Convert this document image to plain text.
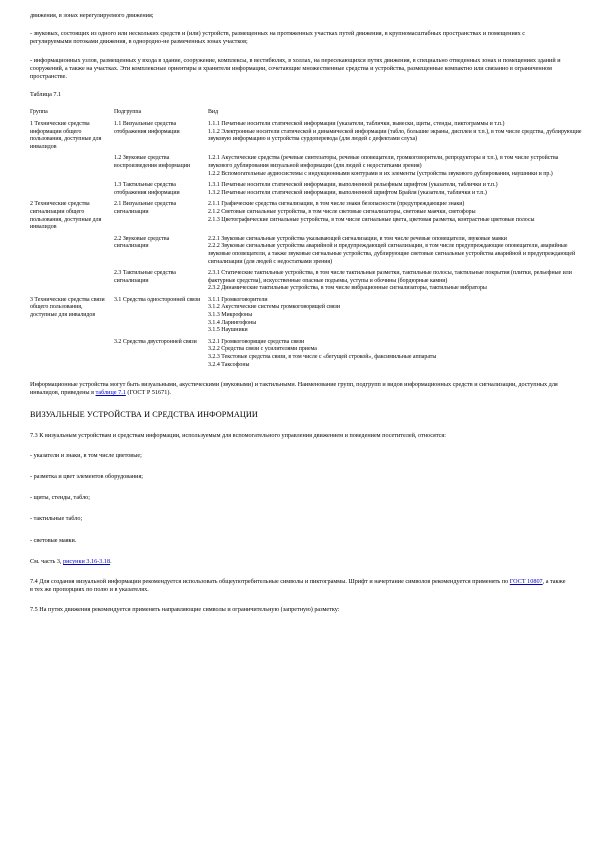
движения, в зонах нерегулируемого движения;

- звуковых, состоящих из одного или нескольких средств и (или) устройств, размещенных на протяженных участках путей движения, в крупномасштабных пространствах и помещениях с регулируемыми потоками движения, в однородно-не размеченных зонах участков;

- информационных узлов, размещенных у входа в здание, сооружение, комплексы, в вестибюлях, в холлах, на пересекающихся путях движения, в специально отведенных зонах и помещениях зданий и сооружений, а также на участках. Эти комплексные ориентиры и хранители информации, сочетающие множественные средства и устройства, размещенные компактно или связанно в ограниченном пространстве.

Таблица 7.1

Группа	Подгруппа	Вид
1 Технические средства информации общего пользования, доступные для инвалидов	1.1 Визуальные средства отображения информации	1.1.1 Печатные носители статической информации (указатели, таблички, вывески, щиты, стенды, пиктограммы и т.п.)
1.1.2 Электронные носители статической и динамической информации (табло, большие экраны, дисплеи и т.п.), в том числе средства, дублирующие звуковую информацию и устройства сурдоперевода (для людей с дефектами слуха)

	1.2 Звуковые средства воспроизведения информации	1.2.1 Акустические средства (речевые синтезаторы, речевые оповещатели, громкоговорители, репродукторы и т.п.), в том числе устройства звукового дублирования визуальной информации (для людей с недостатками зрения)
1.2.2 Вспомогательные аудиосистемы с индукционными контурами и их элементы (устройства звукового дублирования, наушники и пр.)

	1.3 Тактильные средства отображения информации	1.3.1 Печатные носители статической информации, выполненной рельефным шрифтом (указатели, таблички и т.п.)
1.3.2 Печатные носители статической информации, выполненной шрифтом Брайля (указатели, таблички и т.п.)

2 Технические средства сигнализации общего пользования, доступные для инвалидов	2.1 Визуальные средства сигнализации	2.1.1 Графические средства сигнализации, в том числе знаки безопасности (предупреждающие знаки)
2.1.2 Световые сигнальные устройства, в том числе световые сигнализаторы, световые маячки, светофоры
2.1.3 Цветографические сигнальные устройства, в том числе сигнальные цвета, цветовая разметка, контрастные цветовые полосы

	2.2 Звуковые средства сигнализации	2.2.1 Звуковые сигнальные устройства указывающей сигнализации, в том числе речевые оповещатели, звуковые маяки
2.2.2 Звуковые сигнальные устройства аварийной и предупреждающей сигнализации, в том числе предупреждающие оповещатели, аварийные звуковые оповещатели, а также звуковые сигнальные устройства, дублирующие световые сигнальные устройства аварийной и предупреждающей сигнализации (для людей с недостатками зрения)

	2.3 Тактильные средства сигнализации	2.3.1 Статические тактильные устройства, в том числе тактильные разметки, тактильные полосы, тактильные покрытия (плитки, рельефные или фактурные средства), искусственные опасные подъемы, уступы и обочины (бордюрные камни)
2.3.2 Динамические тактильные устройства, в том числе вибрационные сигнализаторы, тактильные вибраторы

3 Технические средства связи общего пользования, доступные для инвалидов	3.1 Средства односторонней связи	3.1.1 Громкоговорители
3.1.2 Акустические системы громкоговорящей связи
3.1.3 Микрофоны
3.1.4 Ларингофоны
3.1.5 Наушники

	3.2 Средства двусторонней связи	3.2.1 Громкоговорящие средства связи
3.2.2 Средства связи с усилителями приема
3.2.3 Текстовые средства связи, в том числе с «бегущей строкой», факсимильные аппараты
3.2.4 Таксофоны

Информационные устройства могут быть визуальными, акустическими (звуковыми) и тактильными. Наименование групп, подгрупп и видов информационных средств и сигнализации, доступных для инвалидов, приведены в таблице 7.1 (ГОСТ Р 51671).

ВИЗУАЛЬНЫЕ УСТРОЙСТВА И СРЕДСТВА ИНФОРМАЦИИ

7.3 К визуальным устройствам и средствам информации, используемым для вспомогательного управления движением и поведением посетителей, относятся:

- указатели и знаки, в том числе цветовые;

- разметка и цвет элементов оборудования;

- щиты, стенды, табло;

- тактильные табло;

- световые маяки.

См. часть 3, рисунки 3.16-3.18.

7.4 Для создания визуальной информации рекомендуется использовать общеупотребительные символы и пиктограммы. Шрифт и начертание символов рекомендуется применять по ГОСТ 10807, а также в тех же пропорциях по полю и в указателях.

7.5 На путях движения рекомендуется применять направляющие символы и ограничительную (запретную) разметку:
